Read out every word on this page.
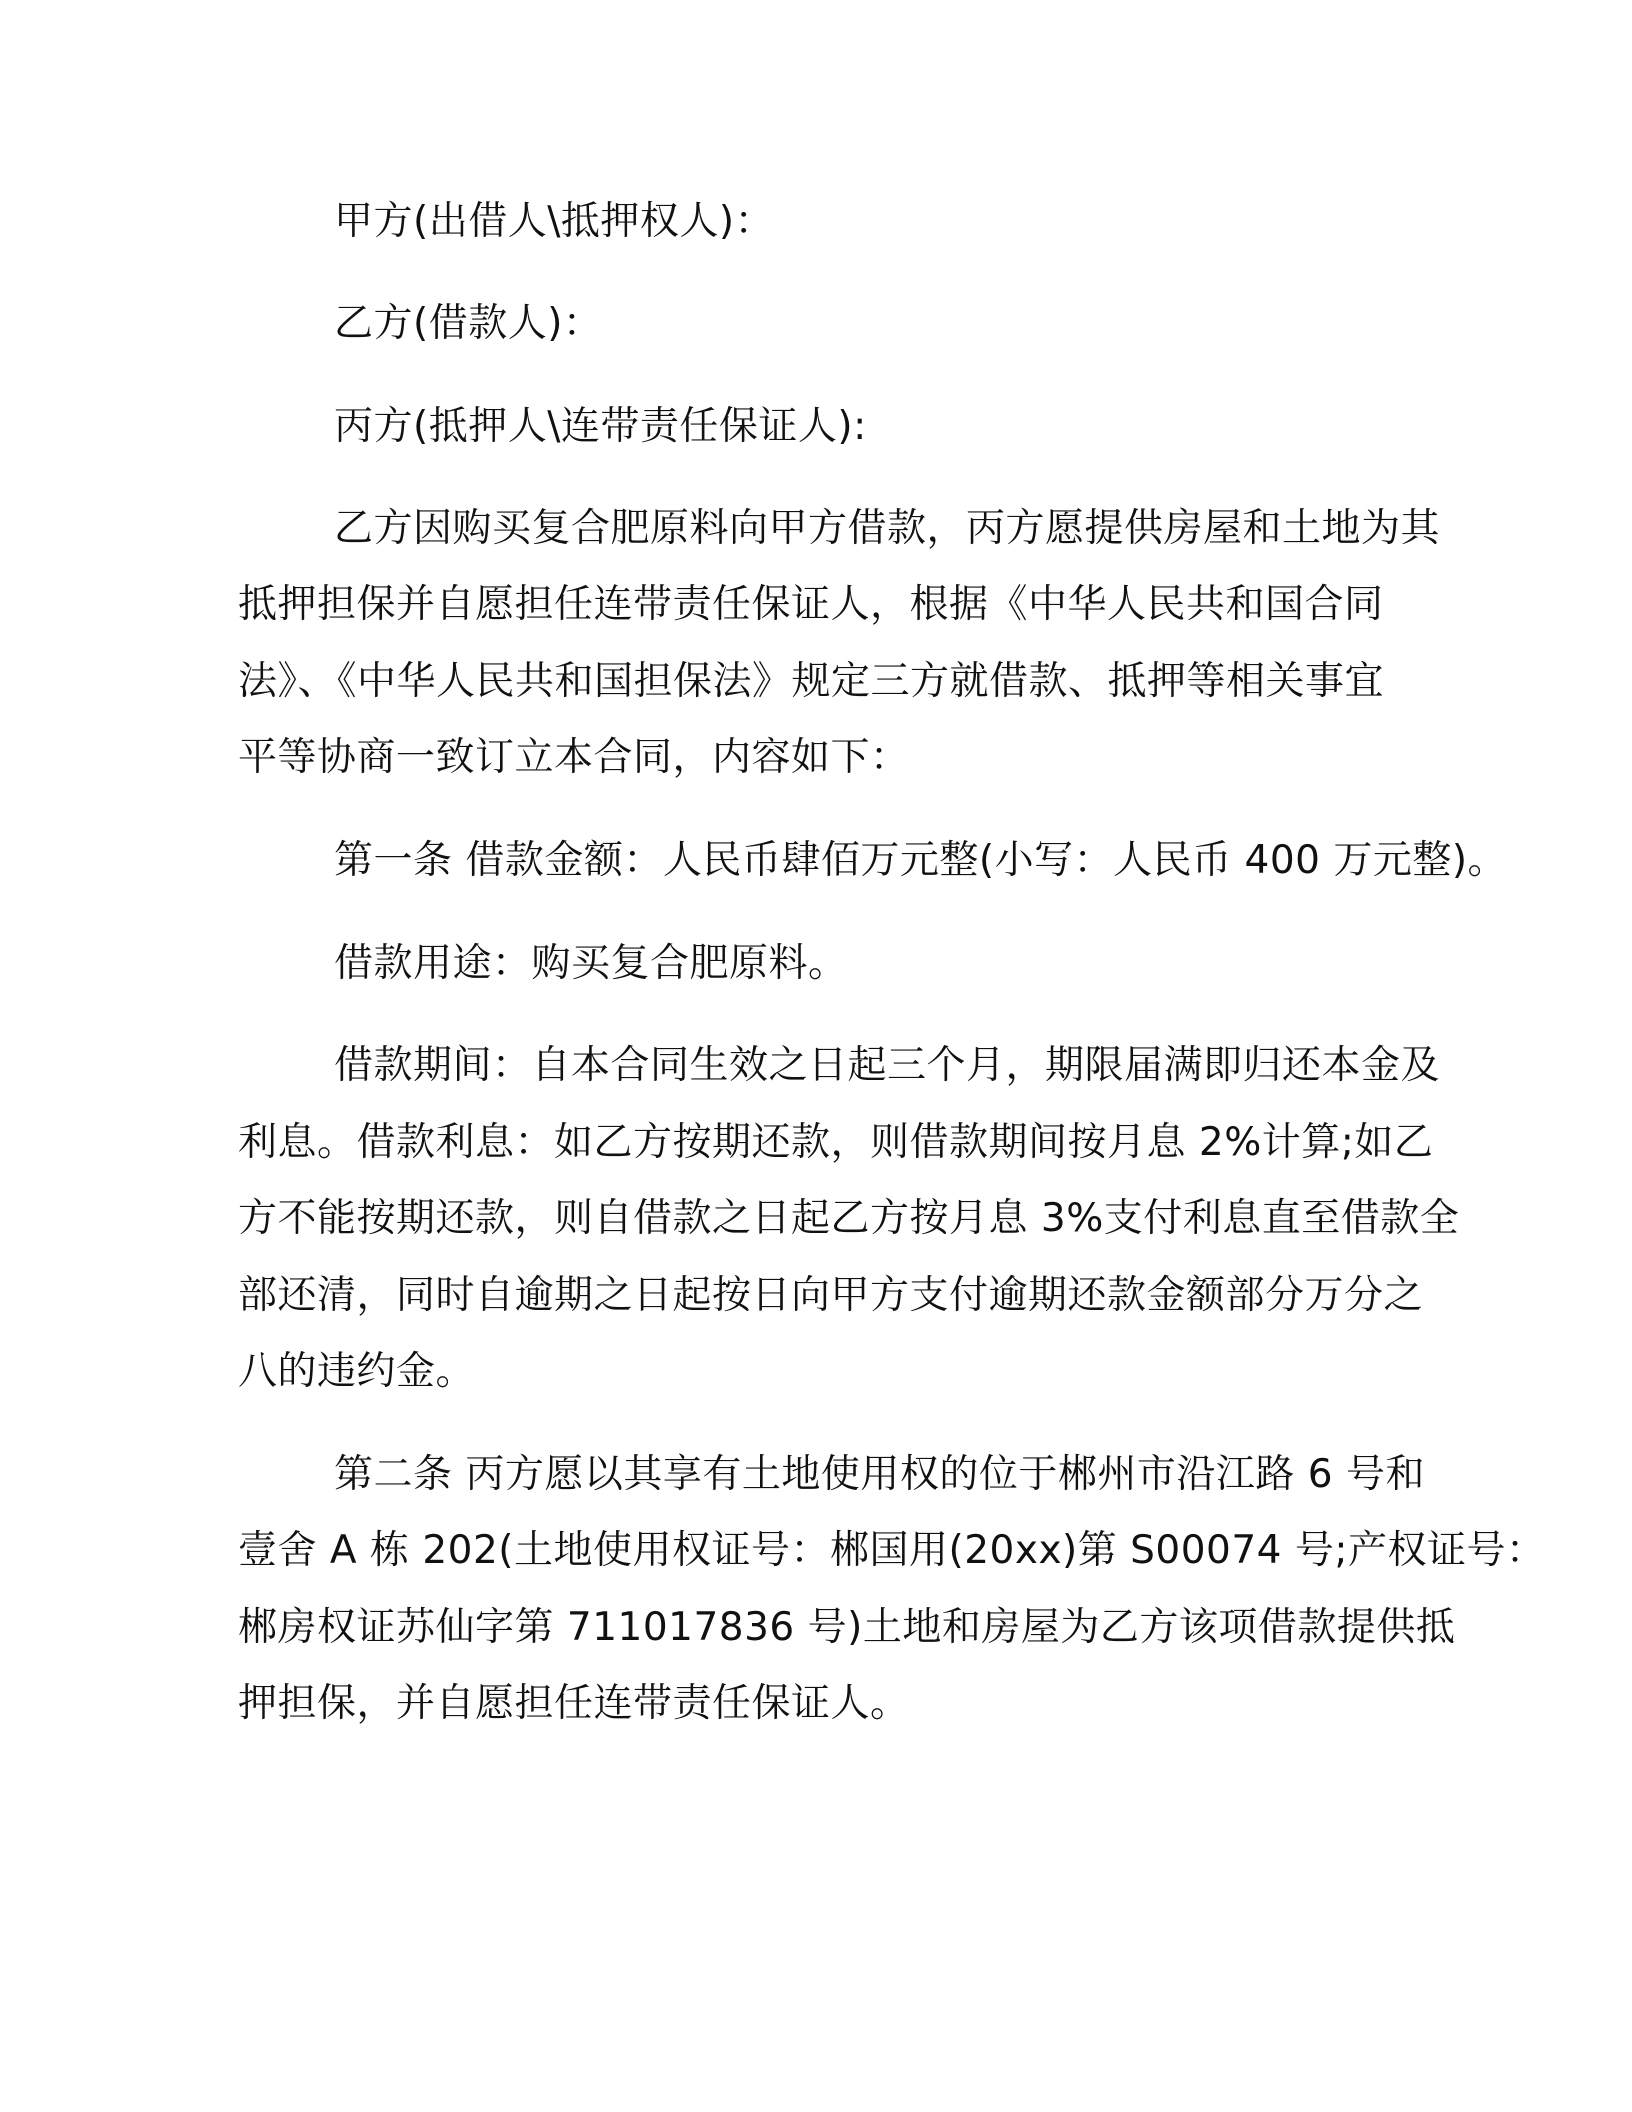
甲方(出借人\抵押权人)：
乙方(借款人)：
丙方(抵押人\连带责任保证人):
乙方因购买复合肥原料向甲方借款，丙方愿提供房屋和土地为其
抵押担保并自愿担任连带责任保证人，根据《中华人民共和国合同
法》、《中华人民共和国担保法》规定三方就借款、抵押等相关事宜
平等协商一致订立本合同，内容如下：
第一条 借款金额：人民币肆佰万元整(小写：人民币 400 万元整)。
借款用途：购买复合肥原料。
借款期间：自本合同生效之日起三个月，期限届满即归还本金及
利息。借款利息：如乙方按期还款，则借款期间按月息 2%计算;如乙
方不能按期还款，则自借款之日起乙方按月息 3%支付利息直至借款全
部还清，同时自逾期之日起按日向甲方支付逾期还款金额部分万分之
八的违约金。
第二条 丙方愿以其享有土地使用权的位于郴州市沿江路 6 号和
壹舍 A 栋 202(土地使用权证号：郴国用(20xx)第 S00074 号;产权证号：
郴房权证苏仙字第 711017836 号)土地和房屋为乙方该项借款提供抵
押担保，并自愿担任连带责任保证人。
